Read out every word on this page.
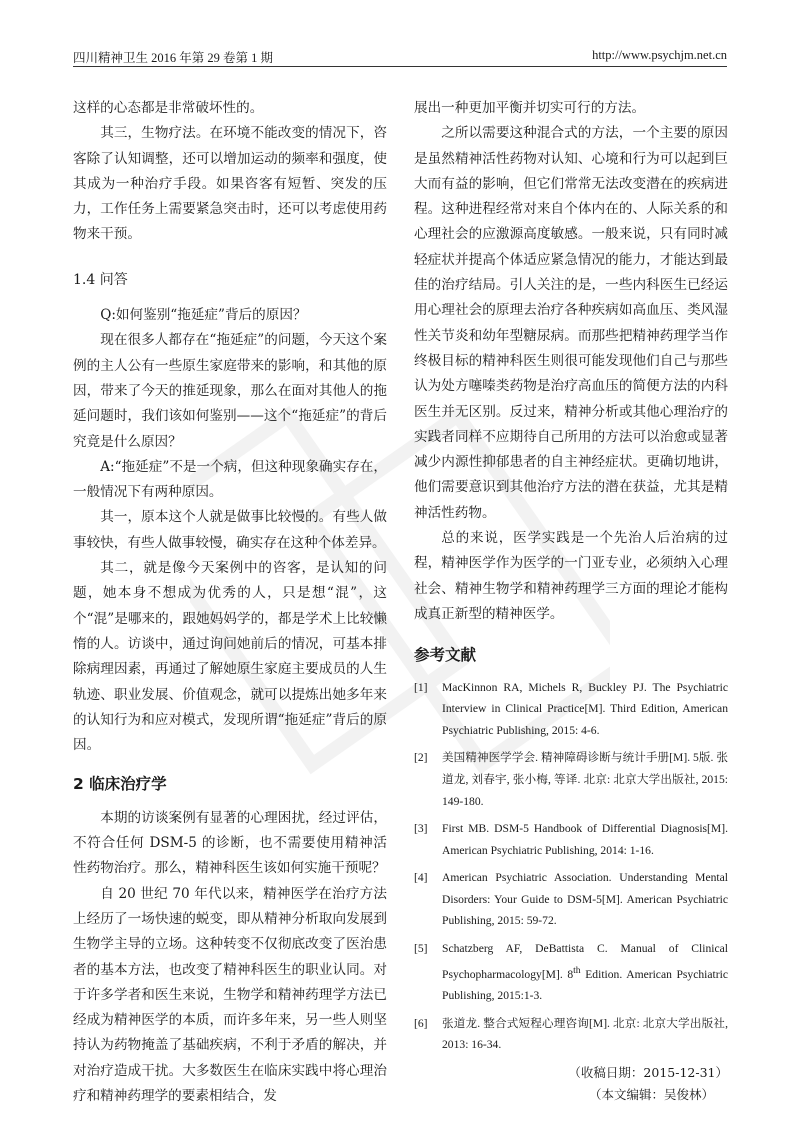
四川精神卫生 2016 年第 29 卷第 1 期	http://www.psychjm.net.cn

这样的心态都是非常破坏性的。

其三，生物疗法。在环境不能改变的情况下，咨客除了认知调整，还可以增加运动的频率和强度，使其成为一种治疗手段。如果咨客有短暂、突发的压力，工作任务上需要紧急突击时，还可以考虑使用药物来干预。

1.4 问答

Q:如何鉴别“拖延症”背后的原因？

现在很多人都存在“拖延症”的问题，今天这个案例的主人公有一些原生家庭带来的影响，和其他的原因，带来了今天的推延现象，那么在面对其他人的拖延问题时，我们该如何鉴别——这个“拖延症”的背后究竟是什么原因？

A:“拖延症”不是一个病，但这种现象确实存在，一般情况下有两种原因。

其一，原本这个人就是做事比较慢的。有些人做事较快，有些人做事较慢，确实存在这种个体差异。

其二，就是像今天案例中的咨客，是认知的问题，她本身不想成为优秀的人，只是想“混”，这个“混”是哪来的，跟她妈妈学的，都是学术上比较懒惰的人。访谈中，通过询问她前后的情况，可基本排除病理因素，再通过了解她原生家庭主要成员的人生轨迹、职业发展、价值观念，就可以提炼出她多年来的认知行为和应对模式，发现所谓“拖延症”背后的原因。

2 临床治疗学

本期的访谈案例有显著的心理困扰，经过评估，不符合任何 DSM-5 的诊断，也不需要使用精神活性药物治疗。那么，精神科医生该如何实施干预呢？

自 20 世纪 70 年代以来，精神医学在治疗方法上经历了一场快速的蜕变，即从精神分析取向发展到生物学主导的立场。这种转变不仅彻底改变了医治患者的基本方法，也改变了精神科医生的职业认同。对于许多学者和医生来说，生物学和精神药理学方法已经成为精神医学的本质，而许多年来，另一些人则坚持认为药物掩盖了基础疾病，不利于矛盾的解决，并对治疗造成干扰。大多数医生在临床实践中将心理治疗和精神药理学的要素相结合，发

展出一种更加平衡并切实可行的方法。

之所以需要这种混合式的方法，一个主要的原因是虽然精神活性药物对认知、心境和行为可以起到巨大而有益的影响，但它们常常无法改变潜在的疾病进程。这种进程经常对来自个体内在的、人际关系的和心理社会的应激源高度敏感。一般来说，只有同时减轻症状并提高个体适应紧急情况的能力，才能达到最佳的治疗结局。引人关注的是，一些内科医生已经运用心理社会的原理去治疗各种疾病如高血压、类风湿性关节炎和幼年型糖尿病。而那些把精神药理学当作终极目标的精神科医生则很可能发现他们自己与那些认为处方噻嗪类药物是治疗高血压的简便方法的内科医生并无区别。反过来，精神分析或其他心理治疗的实践者同样不应期待自己所用的方法可以治愈或显著减少内源性抑郁患者的自主神经症状。更确切地讲，他们需要意识到其他治疗方法的潜在获益，尤其是精神活性药物。

总的来说，医学实践是一个先治人后治病的过程，精神医学作为医学的一门亚专业，必须纳入心理社会、精神生物学和精神药理学三方面的理论才能构成真正新型的精神医学。

参考文献
[1] MacKinnon RA, Michels R, Buckley PJ. The Psychiatric Interview in Clinical Practice[M]. Third Edition, American Psychiatric Publishing, 2015: 4-6.
[2] 美国精神医学学会. 精神障碍诊断与统计手册[M]. 5版. 张道龙, 刘春宇, 张小梅, 等译. 北京: 北京大学出版社, 2015: 149-180.
[3] First MB. DSM-5 Handbook of Differential Diagnosis[M]. American Psychiatric Publishing, 2014: 1-16.
[4] American Psychiatric Association. Understanding Mental Disorders: Your Guide to DSM-5[M]. American Psychiatric Publishing, 2015: 59-72.
[5] Schatzberg AF, DeBattista C. Manual of Clinical Psychopharmacology[M]. 8th Edition. American Psychiatric Publishing, 2015:1-3.
[6] 张道龙. 整合式短程心理咨询[M]. 北京: 北京大学出版社, 2013: 16-34.
（收稿日期：2015-12-31）
（本文编辑：吴俊林）
